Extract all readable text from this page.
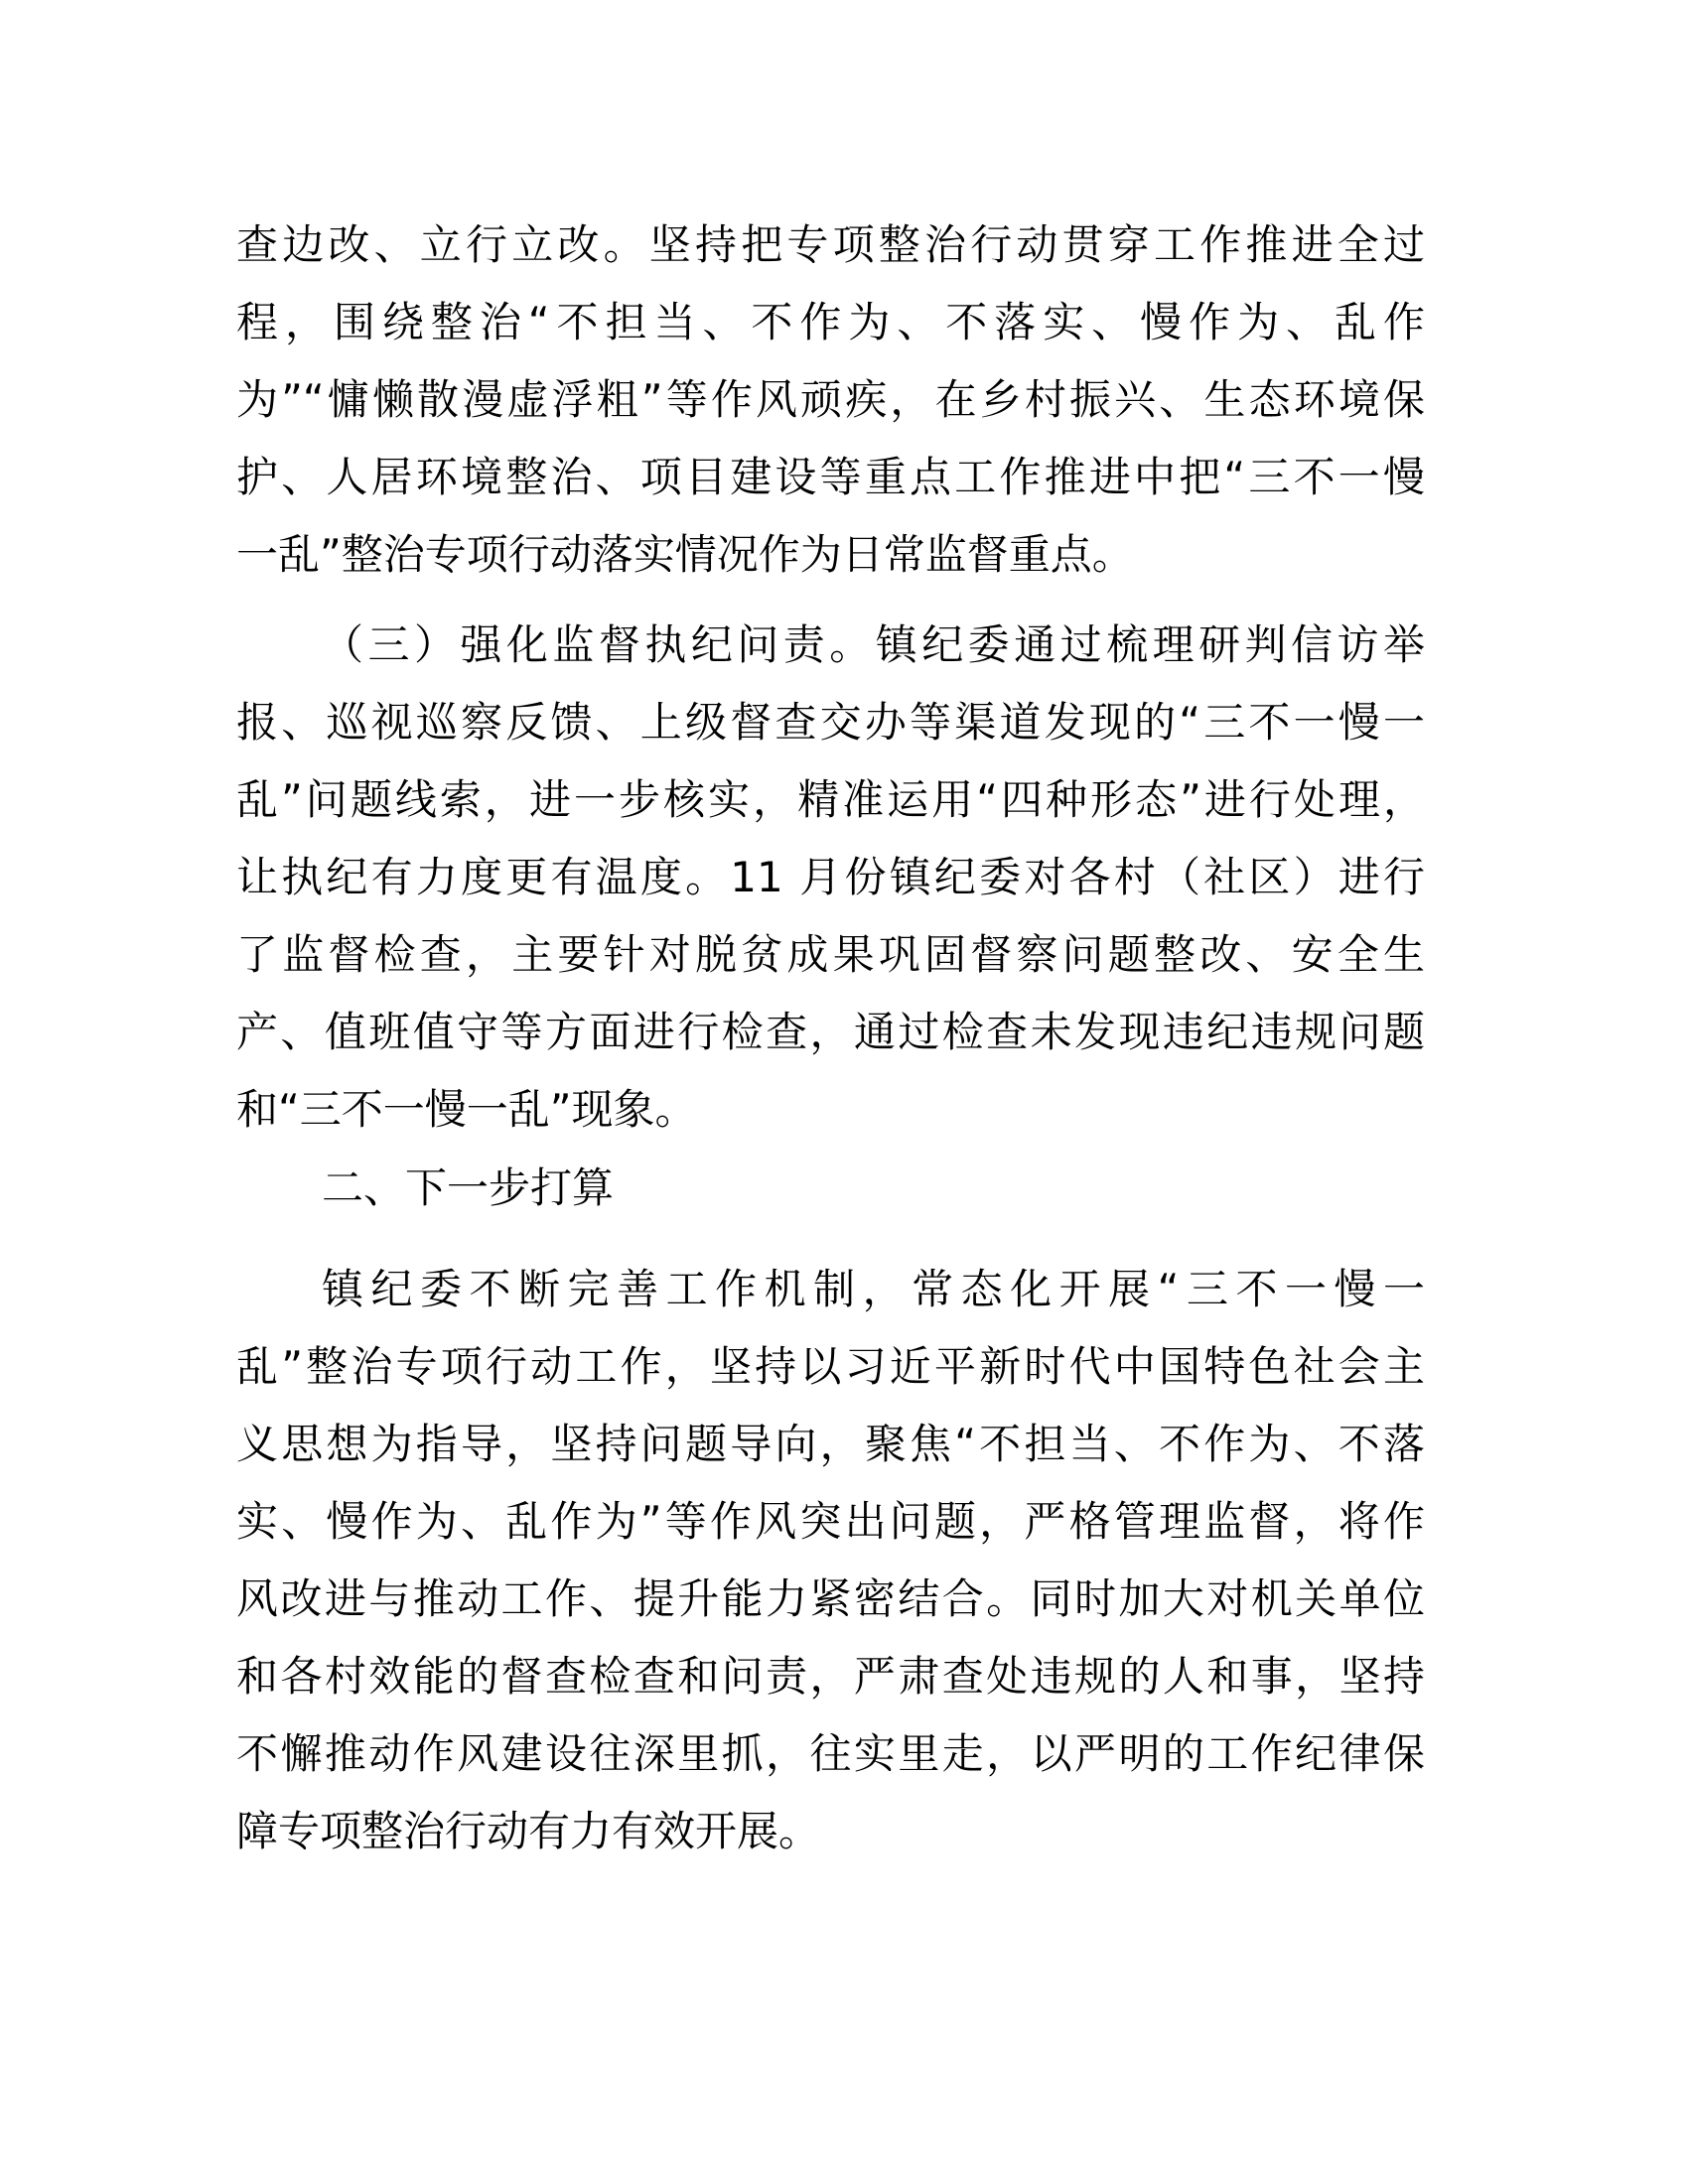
查边改、立行立改。坚持把专项整治行动贯穿工作推进全过
程，围绕整治“不担当、不作为、不落实、慢作为、乱作
为”“慵懒散漫虚浮粗”等作风顽疾，在乡村振兴、生态环境保
护、人居环境整治、项目建设等重点工作推进中把“三不一慢
一乱”整治专项行动落实情况作为日常监督重点。
（三）强化监督执纪问责。镇纪委通过梳理研判信访举
报、巡视巡察反馈、上级督查交办等渠道发现的“三不一慢一
乱”问题线索，进一步核实，精准运用“四种形态”进行处理，
让执纪有力度更有温度。11 月份镇纪委对各村（社区）进行
了监督检查，主要针对脱贫成果巩固督察问题整改、安全生
产、值班值守等方面进行检查，通过检查未发现违纪违规问题
和“三不一慢一乱”现象。
二、下一步打算
镇纪委不断完善工作机制，常态化开展“三不一慢一
乱”整治专项行动工作，坚持以习近平新时代中国特色社会主
义思想为指导，坚持问题导向，聚焦“不担当、不作为、不落
实、慢作为、乱作为”等作风突出问题，严格管理监督，将作
风改进与推动工作、提升能力紧密结合。同时加大对机关单位
和各村效能的督查检查和问责，严肃查处违规的人和事，坚持
不懈推动作风建设往深里抓，往实里走，以严明的工作纪律保
障专项整治行动有力有效开展。
